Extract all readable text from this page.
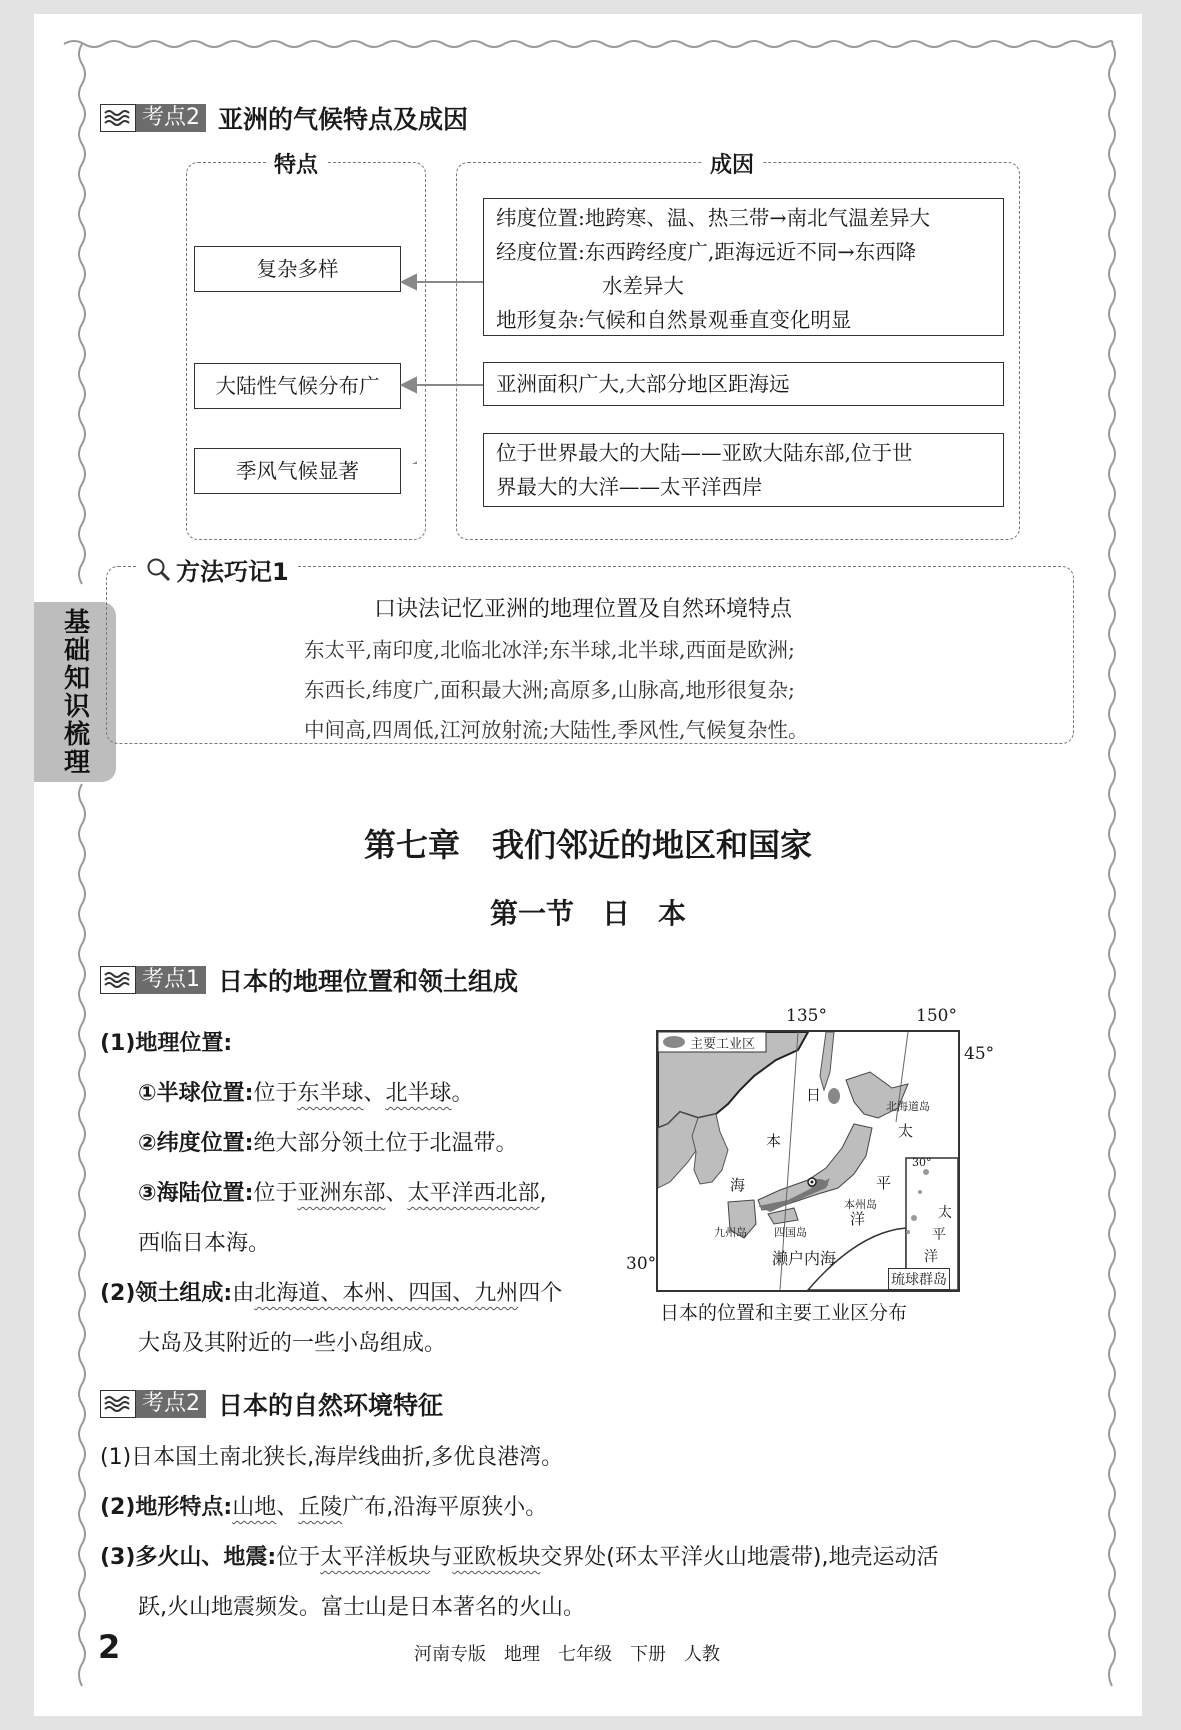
基础知识梳理
考点2 亚洲的气候特点及成因
特点	成因
复杂多样
大陆性气候分布广
季风气候显著
纬度位置:地跨寒、温、热三带→南北气温差异大
经度位置:东西跨经度广,距海远近不同→东西降
水差异大
地形复杂:气候和自然景观垂直变化明显
亚洲面积广大,大部分地区距海远
位于世界最大的大陆——亚欧大陆东部,位于世
界最大的大洋——太平洋西岸
方法巧记1
口诀法记忆亚洲的地理位置及自然环境特点
东太平,南印度,北临北冰洋;东半球,北半球,西面是欧洲;
东西长,纬度广,面积最大洲;高原多,山脉高,地形很复杂;
中间高,四周低,江河放射流;大陆性,季风性,气候复杂性。
第七章　我们邻近的地区和国家
第一节　日　本
考点1 日本的地理位置和领土组成
(1)地理位置:
①半球位置:位于东半球、北半球。
②纬度位置:绝大部分领土位于北温带。
③海陆位置:位于亚洲东部、太平洋西北部,
西临日本海。
(2)领土组成:由北海道、本州、四国、九州四个
大岛及其附近的一些小岛组成。
135°	150°
45°
30°
主要工业区
日
本
海
太
平
洋	太
平
洋
30°
北海道岛
本州岛
九州岛 四国岛
濑户内海
琉球群岛
日本的位置和主要工业区分布
考点2 日本的自然环境特征
(1)日本国土南北狭长,海岸线曲折,多优良港湾。
(2)地形特点:山地、丘陵广布,沿海平原狭小。
(3)多火山、地震:位于太平洋板块与亚欧板块交界处(环太平洋火山地震带),地壳运动活
跃,火山地震频发。富士山是日本著名的火山。
2	河南专版　地理　七年级　下册　人教
